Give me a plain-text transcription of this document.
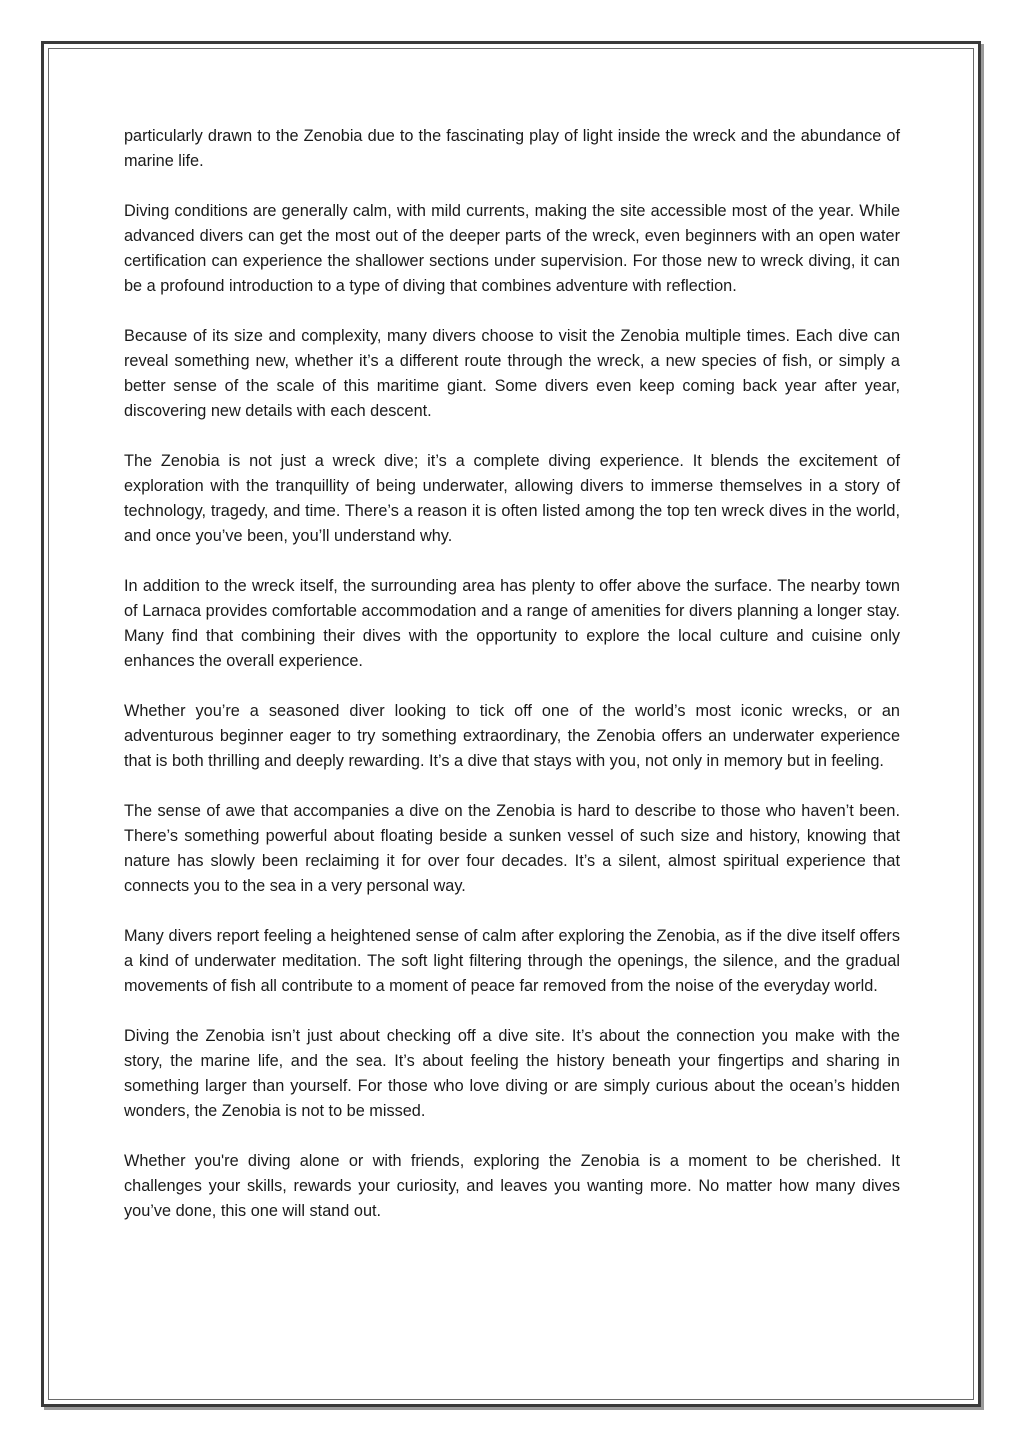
particularly drawn to the Zenobia due to the fascinating play of light inside the wreck and the abundance of marine life.

Diving conditions are generally calm, with mild currents, making the site accessible most of the year. While advanced divers can get the most out of the deeper parts of the wreck, even beginners with an open water certification can experience the shallower sections under supervision. For those new to wreck diving, it can be a profound introduction to a type of diving that combines adventure with reflection.

Because of its size and complexity, many divers choose to visit the Zenobia multiple times. Each dive can reveal something new, whether it’s a different route through the wreck, a new species of fish, or simply a better sense of the scale of this maritime giant. Some divers even keep coming back year after year, discovering new details with each descent.

The Zenobia is not just a wreck dive; it’s a complete diving experience. It blends the excitement of exploration with the tranquillity of being underwater, allowing divers to immerse themselves in a story of technology, tragedy, and time. There’s a reason it is often listed among the top ten wreck dives in the world, and once you’ve been, you’ll understand why.

In addition to the wreck itself, the surrounding area has plenty to offer above the surface. The nearby town of Larnaca provides comfortable accommodation and a range of amenities for divers planning a longer stay. Many find that combining their dives with the opportunity to explore the local culture and cuisine only enhances the overall experience.

Whether you’re a seasoned diver looking to tick off one of the world’s most iconic wrecks, or an adventurous beginner eager to try something extraordinary, the Zenobia offers an underwater experience that is both thrilling and deeply rewarding. It’s a dive that stays with you, not only in memory but in feeling.

The sense of awe that accompanies a dive on the Zenobia is hard to describe to those who haven’t been. There’s something powerful about floating beside a sunken vessel of such size and history, knowing that nature has slowly been reclaiming it for over four decades. It’s a silent, almost spiritual experience that connects you to the sea in a very personal way.

Many divers report feeling a heightened sense of calm after exploring the Zenobia, as if the dive itself offers a kind of underwater meditation. The soft light filtering through the openings, the silence, and the gradual movements of fish all contribute to a moment of peace far removed from the noise of the everyday world.

Diving the Zenobia isn’t just about checking off a dive site. It’s about the connection you make with the story, the marine life, and the sea. It’s about feeling the history beneath your fingertips and sharing in something larger than yourself. For those who love diving or are simply curious about the ocean’s hidden wonders, the Zenobia is not to be missed.

Whether you're diving alone or with friends, exploring the Zenobia is a moment to be cherished. It challenges your skills, rewards your curiosity, and leaves you wanting more. No matter how many dives you’ve done, this one will stand out.
